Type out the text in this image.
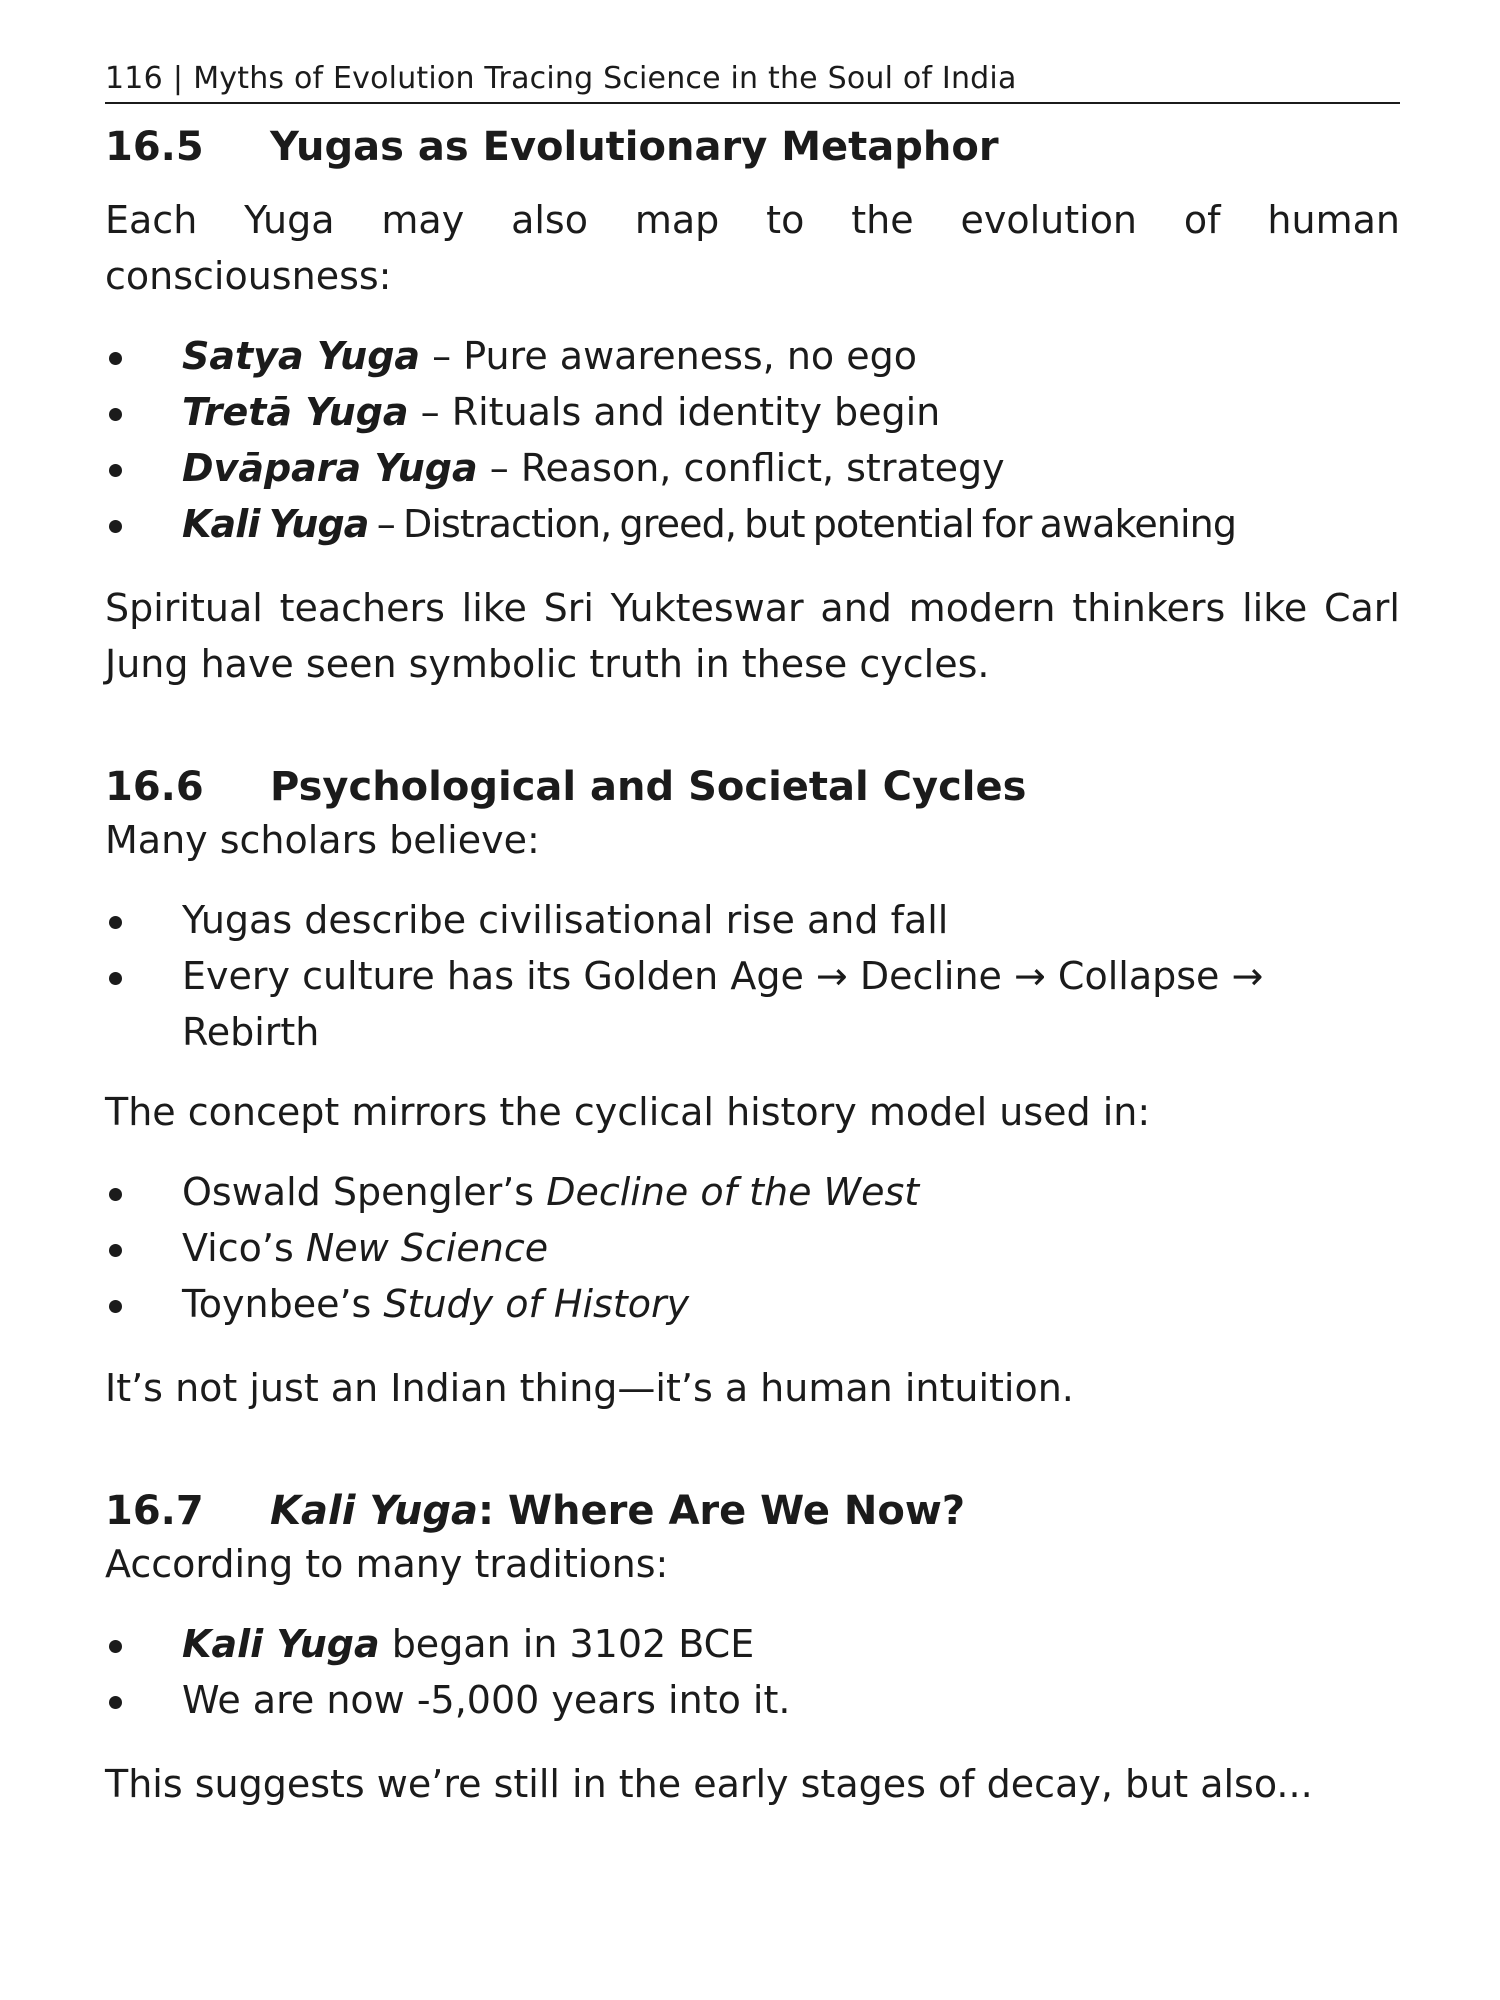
116 | Myths of Evolution Tracing Science in the Soul of India
16.5	Yugas as Evolutionary Metaphor

Each Yuga may also map to the evolution of human consciousness:

Satya Yuga – Pure awareness, no ego
Tretā Yuga – Rituals and identity begin
Dvāpara Yuga – Reason, conflict, strategy
Kali Yuga – Distraction, greed, but potential for awakening

Spiritual teachers like Sri Yukteswar and modern thinkers like Carl Jung have seen symbolic truth in these cycles.

16.6	Psychological and Societal Cycles

Many scholars believe:

Yugas describe civilisational rise and fall
Every culture has its Golden Age → Decline → Collapse → Rebirth

The concept mirrors the cyclical history model used in:

Oswald Spengler’s Decline of the West
Vico’s New Science
Toynbee’s Study of History

It’s not just an Indian thing—it’s a human intuition.

16.7	Kali Yuga: Where Are We Now?

According to many traditions:

Kali Yuga began in 3102 BCE
We are now -5,000 years into it.

This suggests we’re still in the early stages of decay, but also...
